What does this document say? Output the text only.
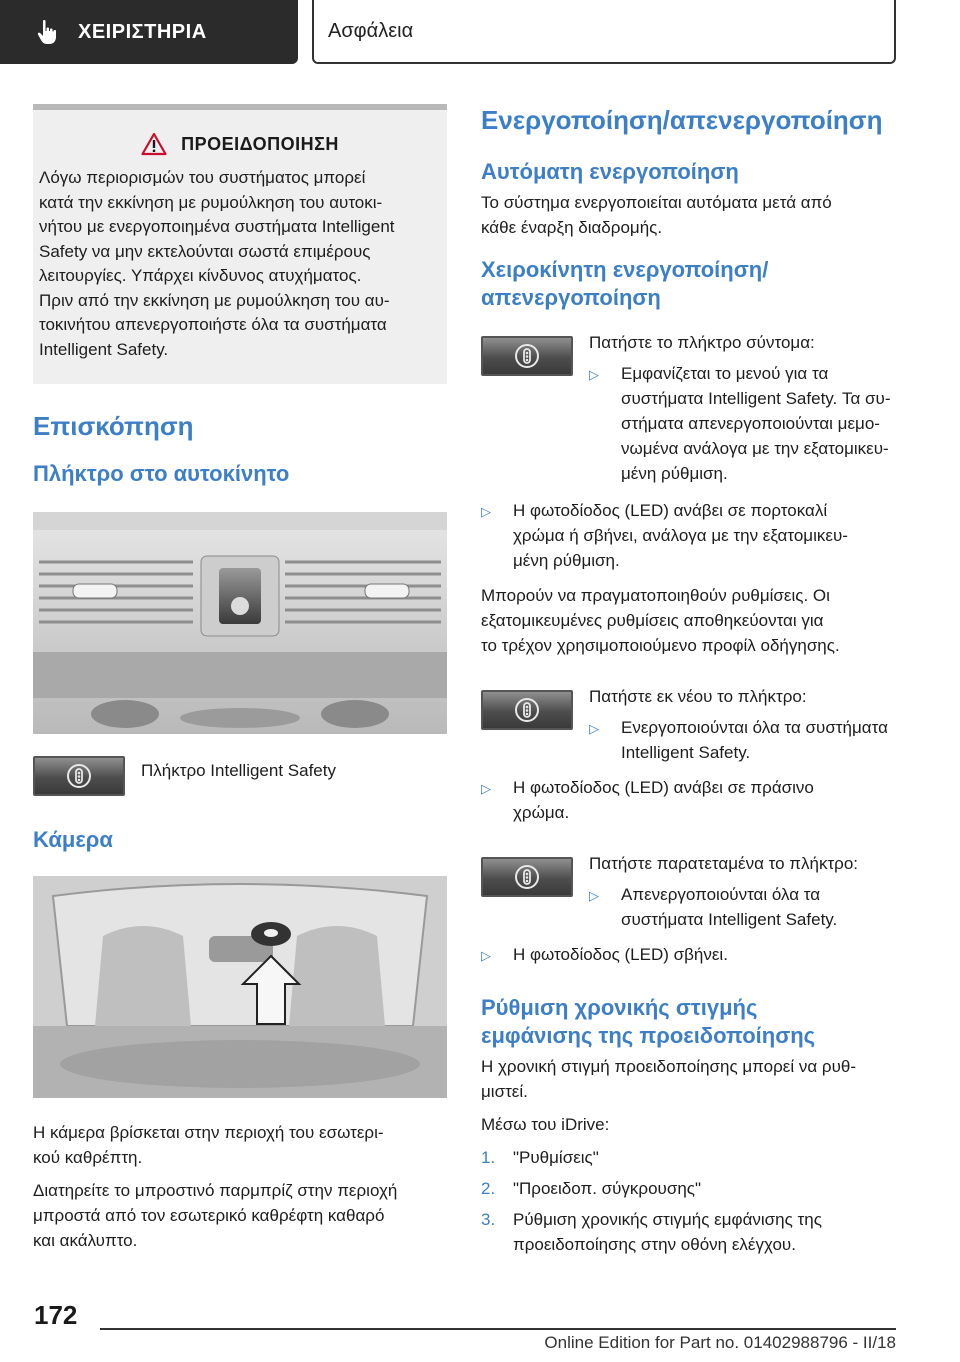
ΧΕΙΡΙΣΤΗΡΙΑ	Ασφάλεια
ΠΡΟΕΙΔΟΠΟΙΗΣΗ
Λόγω περιορισμών του συστήματος μπορεί
κατά την εκκίνηση με ρυμούλκηση του αυτοκι-
νήτου με ενεργοποιημένα συστήματα Intelligent
Safety να μην εκτελούνται σωστά επιμέρους
λειτουργίες. Υπάρχει κίνδυνος ατυχήματος.
Πριν από την εκκίνηση με ρυμούλκηση του αυ-
τοκινήτου απενεργοποιήστε όλα τα συστήματα
Intelligent Safety.
Επισκόπηση
Πλήκτρο στο αυτοκίνητο

Πλήκτρο Intelligent Safety

Κάμερα

Η κάμερα βρίσκεται στην περιοχή του εσωτερι-

κού καθρέπτη.

Διατηρείτε το μπροστινό παρμπρίζ στην περιοχή

μπροστά από τον εσωτερικό καθρέφτη καθαρό

και ακάλυπτο.

Ενεργοποίηση/απενεργοποίηση
Αυτόματη ενεργοποίηση

Το σύστημα ενεργοποιείται αυτόματα μετά από

κάθε έναρξη διαδρομής.

Χειροκίνητη ενεργοποίηση/
απενεργοποίηση

Πατήστε το πλήκτρο σύντομα:

▷	Εμφανίζεται το μενού για τα
συστήματα Intelligent Safety. Τα συ-
στήματα απενεργοποιούνται μεμο-
νωμένα ανάλογα με την εξατομικευ-
μένη ρύθμιση.
▷	Η φωτοδίοδος (LED) ανάβει σε πορτοκαλί
χρώμα ή σβήνει, ανάλογα με την εξατομικευ-
μένη ρύθμιση.

Μπορούν να πραγματοποιηθούν ρυθμίσεις. Οι

εξατομικευμένες ρυθμίσεις αποθηκεύονται για

το τρέχον χρησιμοποιούμενο προφίλ οδήγησης.

Πατήστε εκ νέου το πλήκτρο:

▷	Ενεργοποιούνται όλα τα συστήματα
Intelligent Safety.
▷	Η φωτοδίοδος (LED) ανάβει σε πράσινο
χρώμα.

Πατήστε παρατεταμένα το πλήκτρο:

▷	Απενεργοποιούνται όλα τα
συστήματα Intelligent Safety.
▷	Η φωτοδίοδος (LED) σβήνει.
Ρύθμιση χρονικής στιγμής
εμφάνισης της προειδοποίησης

Η χρονική στιγμή προειδοποίησης μπορεί να ρυθ-

μιστεί.

Μέσω του iDrive:

1.	"Ρυθμίσεις"
2.	"Προειδοπ. σύγκρουσης"
3.	Ρύθμιση χρονικής στιγμής εμφάνισης της
προειδοποίησης στην οθόνη ελέγχου.
172
Online Edition for Part no. 01402988796 - II/18
